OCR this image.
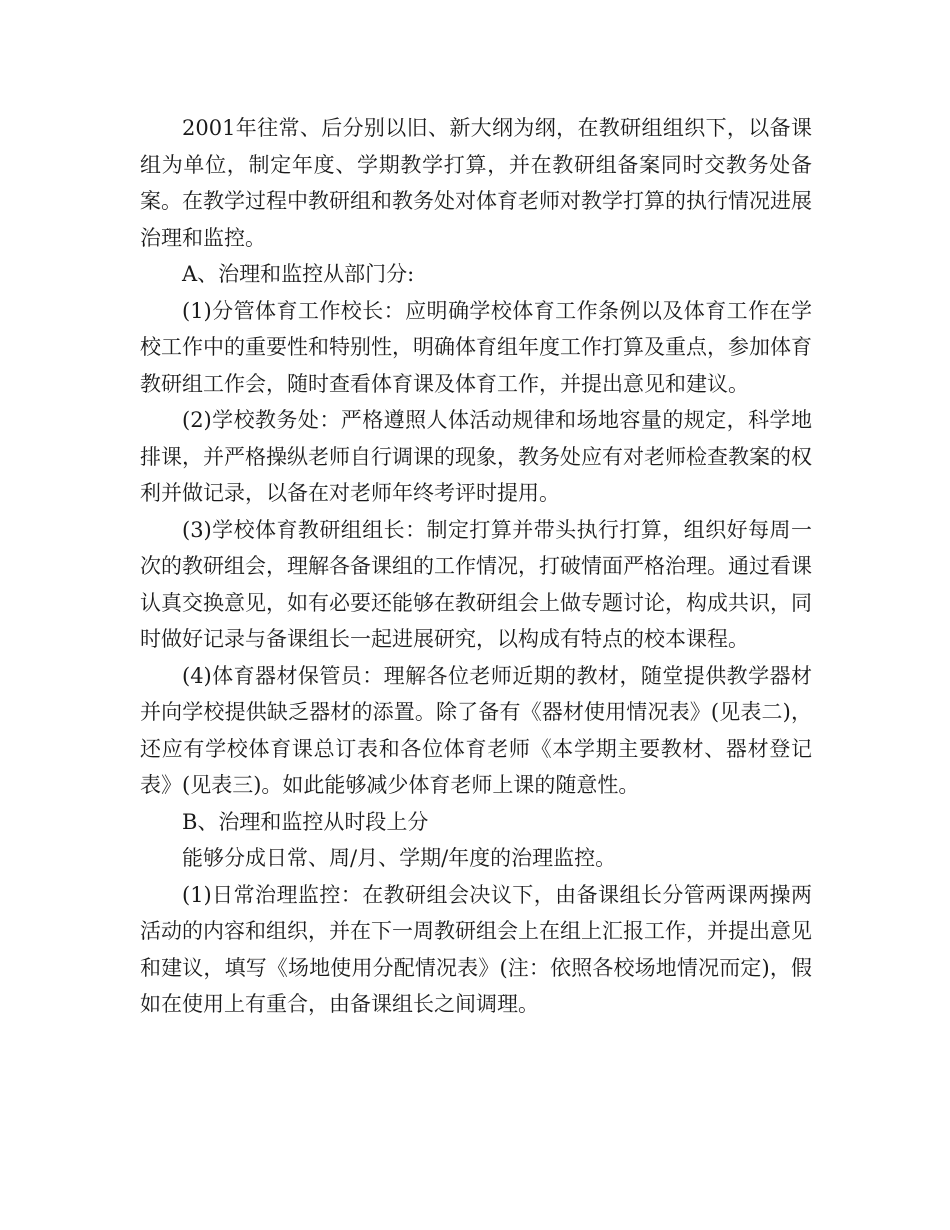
2001年往常、后分别以旧、新大纲为纲，在教研组组织下，以备课组为单位，制定年度、学期教学打算，并在教研组备案同时交教务处备案。在教学过程中教研组和教务处对体育老师对教学打算的执行情况进展治理和监控。

A、治理和监控从部门分:

(1)分管体育工作校长：应明确学校体育工作条例以及体育工作在学校工作中的重要性和特别性，明确体育组年度工作打算及重点，参加体育教研组工作会，随时查看体育课及体育工作，并提出意见和建议。

(2)学校教务处：严格遵照人体活动规律和场地容量的规定，科学地排课，并严格操纵老师自行调课的现象，教务处应有对老师检查教案的权利并做记录，以备在对老师年终考评时提用。

(3)学校体育教研组组长：制定打算并带头执行打算，组织好每周一次的教研组会，理解各备课组的工作情况，打破情面严格治理。通过看课认真交换意见，如有必要还能够在教研组会上做专题讨论，构成共识，同时做好记录与备课组长一起进展研究，以构成有特点的校本课程。

(4)体育器材保管员：理解各位老师近期的教材，随堂提供教学器材并向学校提供缺乏器材的添置。除了备有《器材使用情况表》(见表二)，还应有学校体育课总订表和各位体育老师《本学期主要教材、器材登记表》(见表三)。如此能够减少体育老师上课的随意性。

B、治理和监控从时段上分

能够分成日常、周/月、学期/年度的治理监控。

(1)日常治理监控：在教研组会决议下，由备课组长分管两课两操两活动的内容和组织，并在下一周教研组会上在组上汇报工作，并提出意见和建议，填写《场地使用分配情况表》(注：依照各校场地情况而定)，假如在使用上有重合，由备课组长之间调理。
